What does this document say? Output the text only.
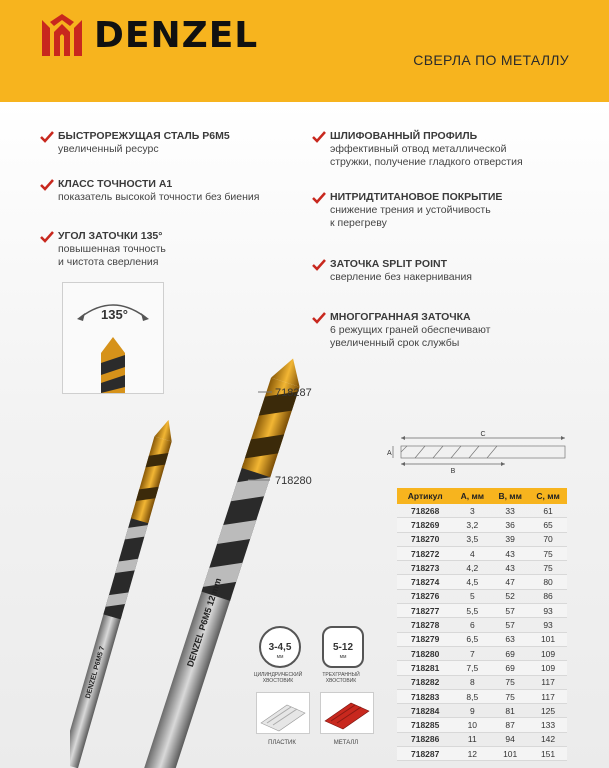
DENZEL
СВЕРЛА ПО МЕТАЛЛУ
БЫСТРОРЕЖУЩАЯ СТАЛЬ Р6М5
увеличенный ресурс
КЛАСС ТОЧНОСТИ А1
показатель высокой точности без биения
УГОЛ ЗАТОЧКИ 135°
повышенная точность
и чистота сверления
ШЛИФОВАННЫЙ ПРОФИЛЬ
эффективный отвод металлической
стружки, получение гладкого отверстия
НИТРИДТИТАНОВОЕ ПОКРЫТИЕ
снижение трения и устойчивость
к перегреву
ЗАТОЧКА SPLIT POINT
сверление без накернивания
МНОГОГРАННАЯ ЗАТОЧКА
6 режущих граней обеспечивают
увеличенный срок службы
135°
DENZEL P6M5 12 mm
DENZEL P6M5 7
718287
718280
C
A
B
Артикул	A, мм	B, мм	C, мм
718268	3	33	61
718269	3,2	36	65
718270	3,5	39	70
718272	4	43	75
718273	4,2	43	75
718274	4,5	47	80
718276	5	52	86
718277	5,5	57	93
718278	6	57	93
718279	6,5	63	101
718280	7	69	109
718281	7,5	69	109
718282	8	75	117
718283	8,5	75	117
718284	9	81	125
718285	10	87	133
718286	11	94	142
718287	12	101	151
3-4,5
ЦИЛИНДРИЧЕСКИЙ ХВОСТОВИК
5-12
ТРЕХГРАННЫЙ ХВОСТОВИК
мм	мм
ПЛАСТИК	МЕТАЛЛ
